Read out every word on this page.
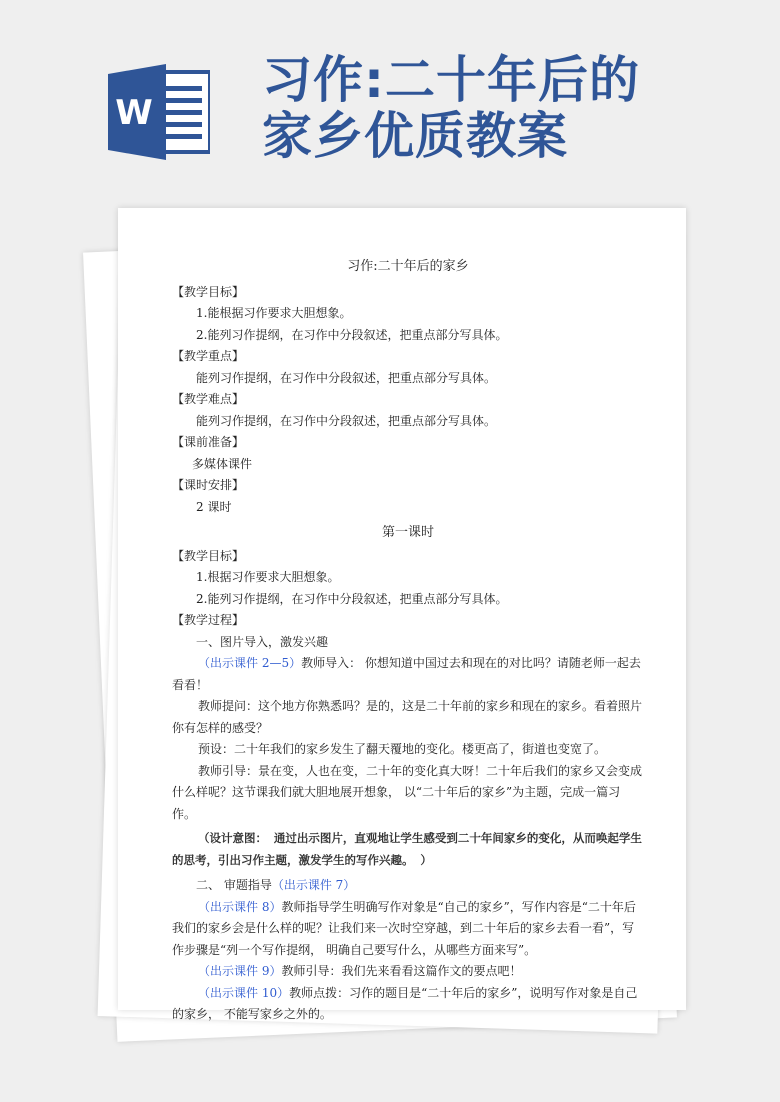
W
习作:二十年后的
家乡优质教案
习作:二十年后的家乡
【教学目标】
1.能根据习作要求大胆想象。
2.能列习作提纲，在习作中分段叙述，把重点部分写具体。
【教学重点】
能列习作提纲，在习作中分段叙述，把重点部分写具体。
【教学难点】
能列习作提纲，在习作中分段叙述，把重点部分写具体。
【课前准备】
多媒体课件
【课时安排】
2 课时
第一课时
【教学目标】
1.根据习作要求大胆想象。
2.能列习作提纲，在习作中分段叙述，把重点部分写具体。
【教学过程】
一、图片导入，激发兴趣
（出示课件 2—5）教师导入： 你想知道中国过去和现在的对比吗？请随老师一起去看看！
教师提问：这个地方你熟悉吗？是的，这是二十年前的家乡和现在的家乡。看着照片你有怎样的感受？
预设：二十年我们的家乡发生了翻天覆地的变化。楼更高了，街道也变宽了。
教师引导：景在变，人也在变，二十年的变化真大呀！二十年后我们的家乡又会变成什么样呢？这节课我们就大胆地展开想象， 以“二十年后的家乡”为主题，完成一篇习作。
（设计意图： 通过出示图片，直观地让学生感受到二十年间家乡的变化，从而唤起学生的思考，引出习作主题，激发学生的写作兴趣。 ）
二、 审题指导（出示课件 7）
（出示课件 8）教师指导学生明确写作对象是“自己的家乡”，写作内容是“二十年后我们的家乡会是什么样的呢？让我们来一次时空穿越，到二十年后的家乡去看一看”，写作步骤是“列一个写作提纲， 明确自己要写什么，从哪些方面来写”。
（出示课件 9）教师引导：我们先来看看这篇作文的要点吧！
（出示课件 10）教师点拨：习作的题目是“二十年后的家乡”，说明写作对象是自己的家乡， 不能写家乡之外的。
